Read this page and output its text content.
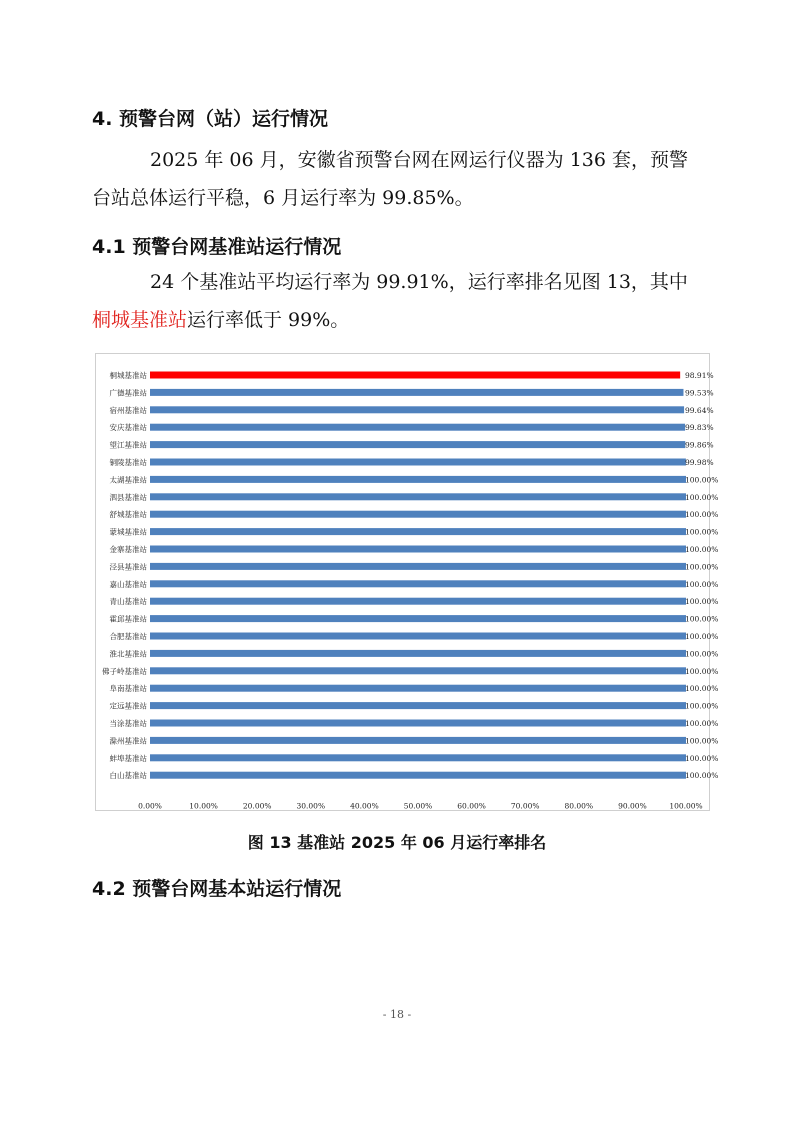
4. 预警台网（站）运行情况
2025 年 06 月，安徽省预警台网在网运行仪器为 136 套，预警
台站总体运行平稳，6 月运行率为 99.85%。
4.1 预警台网基准站运行情况
24 个基准站平均运行率为 99.91%，运行率排名见图 13，其中
桐城基准站运行率低于 99%。
桐城基准站	98.91%
广德基准站	99.53%
宿州基准站	99.64%
安庆基准站	99.83%
望江基准站	99.86%
铜陵基准站	99.98%
太湖基准站	100.00%
泗县基准站	100.00%
舒城基准站	100.00%
蒙城基准站	100.00%
金寨基准站	100.00%
泾县基准站	100.00%
嘉山基准站	100.00%
青山基准站	100.00%
霍邱基准站	100.00%
合肥基准站	100.00%
淮北基准站	100.00%
佛子岭基准站	100.00%
阜南基准站	100.00%
定远基准站	100.00%
当涂基准站	100.00%
滁州基准站	100.00%
蚌埠基准站	100.00%
白山基准站	100.00%
0.00%	10.00%	20.00%	30.00%	40.00%	50.00%	60.00%	70.00%	80.00%	90.00%	100.00%
图 13 基准站 2025 年 06 月运行率排名
4.2 预警台网基本站运行情况
- 18 -
